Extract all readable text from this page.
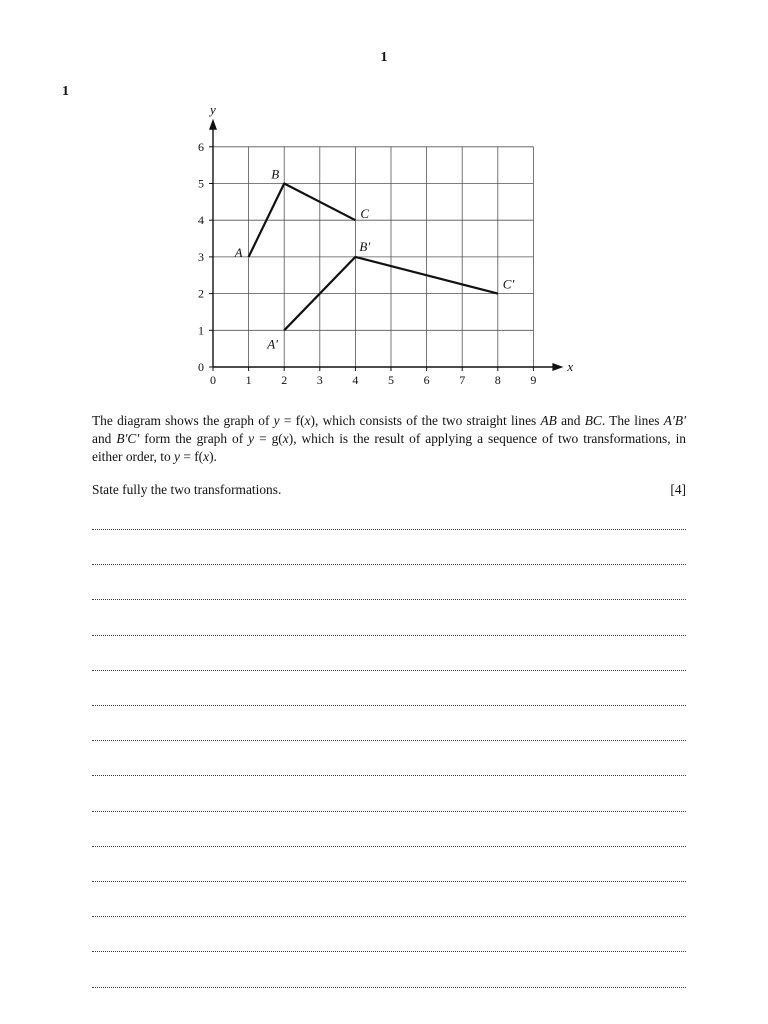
1
1
0 1 2 3 4 5 6 7 8 9
0
1
2
3
4
5
6
x
y
A
B
C
A′
B′
C′

The diagram shows the graph of y = f(x), which consists of the two straight lines AB and BC. The lines A′B′ and B′C′ form the graph of y = g(x), which is the result of applying a sequence of two transformations, in either order, to y = f(x).

State fully the two transformations.	[4]
